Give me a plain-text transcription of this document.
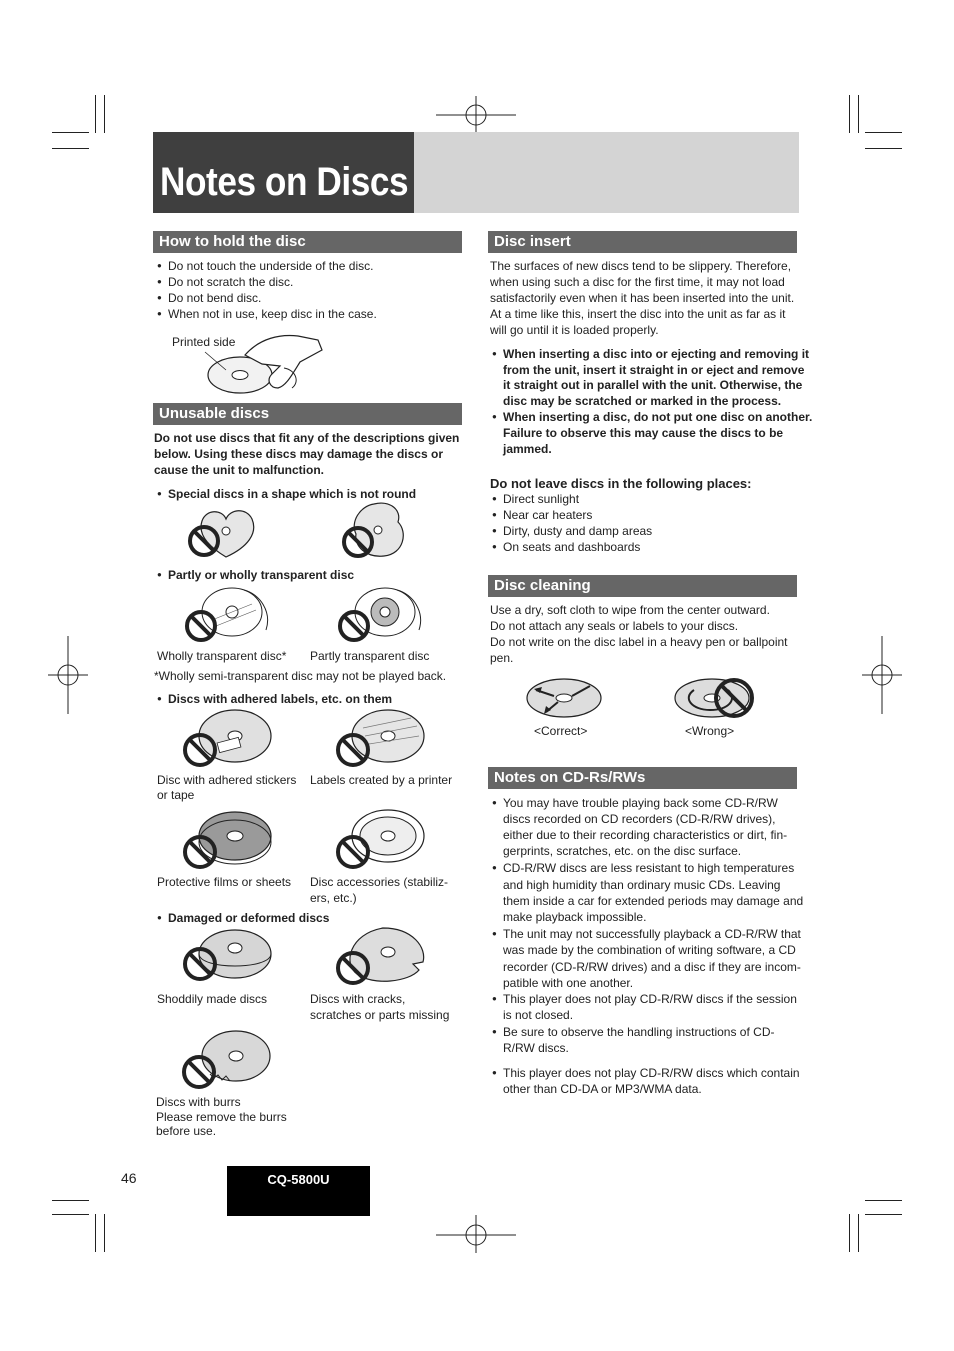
Notes on Discs
How to hold the disc
● Do not touch the underside of the disc.
● Do not scratch the disc.
● Do not bend disc.
● When not in use, keep disc in the case.
Printed side
Unusable discs
Do not use discs that fit any of the descriptions given
below. Using these discs may damage the discs or
cause the unit to malfunction.
● Special discs in a shape which is not round
● Partly or wholly transparent disc
Wholly transparent disc* Partly transparent disc
*Wholly semi-transparent disc may not be played back.
● Discs with adhered labels, etc. on them
Disc with adhered stickers
or tape
Labels created by a printer
Protective films or sheets Disc accessories (stabiliz-
ers, etc.)
● Damaged or deformed discs
Shoddily made discs	Discs with cracks,
scratches or parts missing
Discs with burrs
Please remove the burrs
before use.
Disc insert
The surfaces of new discs tend to be slippery. Therefore,
when using such a disc for the first time, it may not load
satisfactorily even when it has been inserted into the unit.
At a time like this, insert the disc into the unit as far as it
will go until it is loaded properly.
● When inserting a disc into or ejecting and removing it
from the unit, insert it straight in or eject and remove
it straight out in parallel with the unit. Otherwise, the
disc may be scratched or marked in the process.
● When inserting a disc, do not put one disc on another.
Failure to observe this may cause the discs to be
jammed.
Do not leave discs in the following places:
● Direct sunlight
● Near car heaters
● Dirty, dusty and damp areas
● On seats and dashboards
Disc cleaning
Use a dry, soft cloth to wipe from the center outward.
Do not attach any seals or labels to your discs.
Do not write on the disc label in a heavy pen or ballpoint
pen.
<Correct>	<Wrong>
Notes on CD-Rs/RWs
● You may have trouble playing back some CD-R/RW
discs recorded on CD recorders (CD-R/RW drives),
either due to their recording characteristics or dirt, fin-
gerprints, scratches, etc. on the disc surface.
● CD-R/RW discs are less resistant to high temperatures
and high humidity than ordinary music CDs. Leaving
them inside a car for extended periods may damage and
make playback impossible.
● The unit may not successfully playback a CD-R/RW that
was made by the combination of writing software, a CD
recorder (CD-R/RW drives) and a disc if they are incom-
patible with one another.
● This player does not play CD-R/RW discs if the session
is not closed.
● Be sure to observe the handling instructions of CD-
R/RW discs.
● This player does not play CD-R/RW discs which contain
other than CD-DA or MP3/WMA data.
46	CQ-5800U
